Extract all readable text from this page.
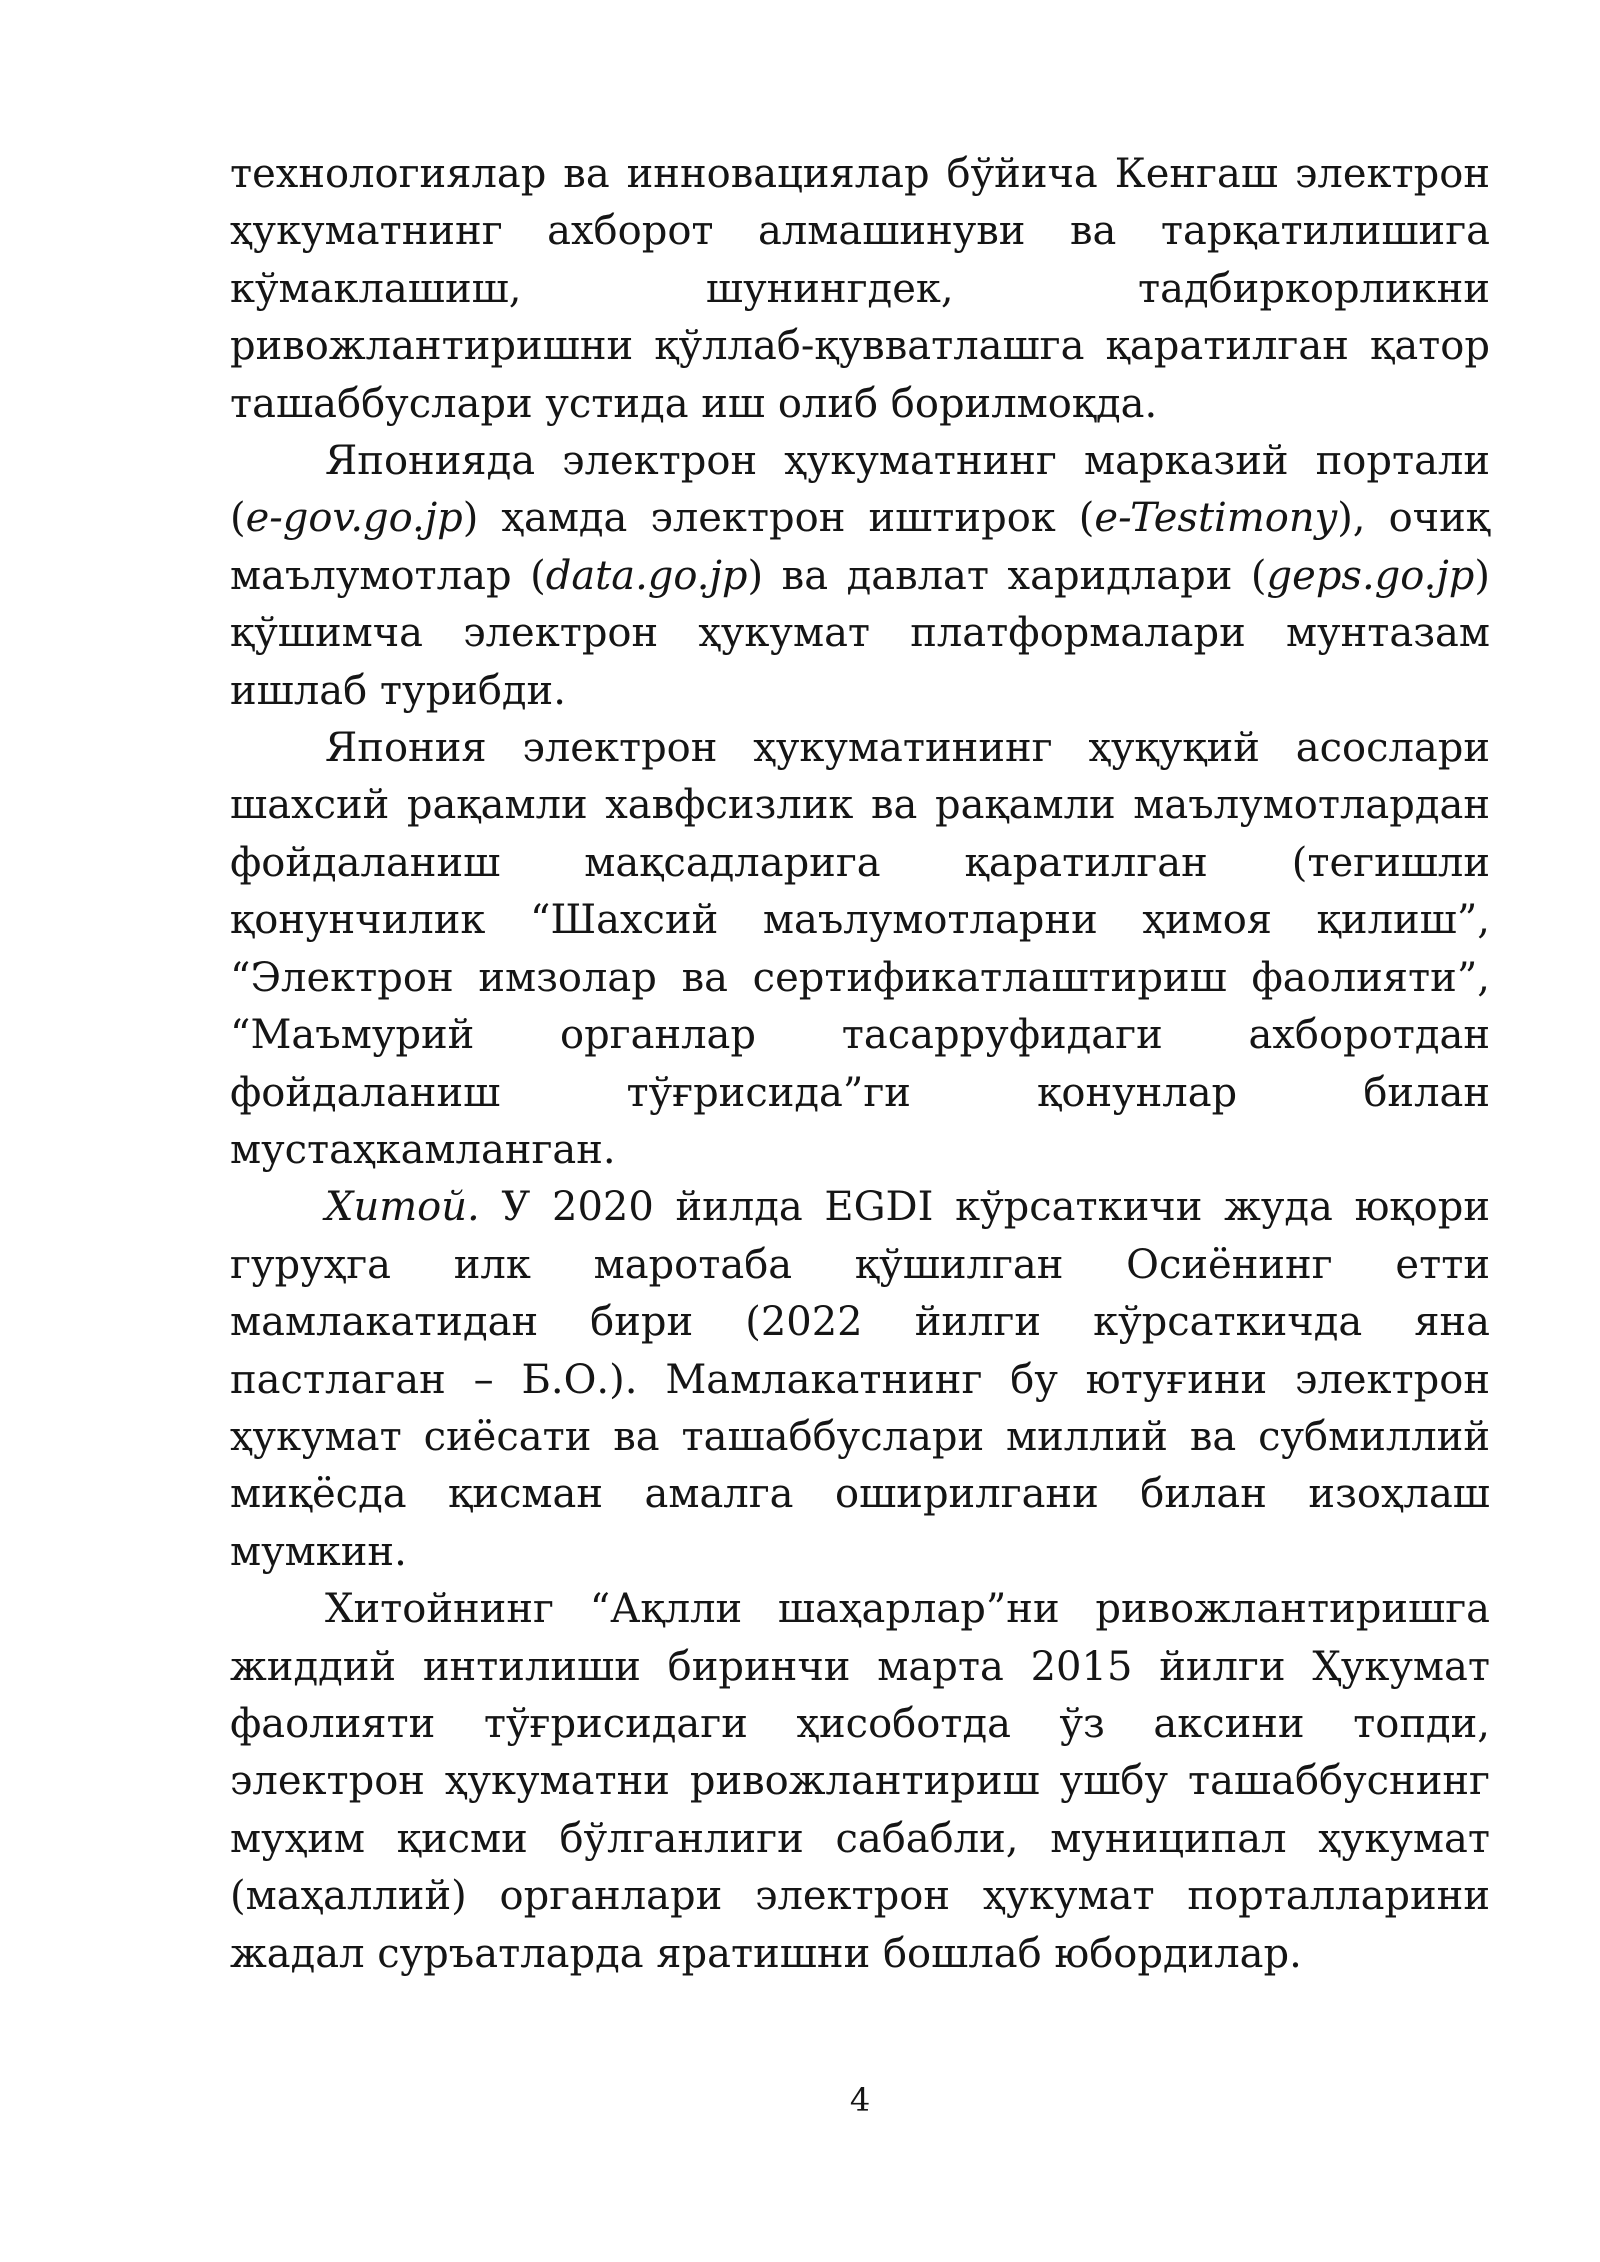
технологиялар ва инновациялар бўйича Кенгаш электрон ҳукуматнинг ахборот алмашинуви ва тарқатилишига кўмаклашиш, шунингдек, тадбиркорликни ривожлантиришни қўллаб-қувватлашга қаратилган қатор ташаббуслари устида иш олиб борилмоқда.

Японияда электрон ҳукуматнинг марказий портали (e-gov.go.jp) ҳамда электрон иштирок (e-Testimony), очиқ маълумотлар (data.go.jp) ва давлат харидлари (geps.go.jp) қўшимча электрон ҳукумат платформалари мунтазам ишлаб турибди.

Япония электрон ҳукуматининг ҳуқуқий асослари шахсий рақамли хавфсизлик ва рақамли маълумотлардан фойдаланиш мақсадларига қаратилган (тегишли қонунчилик “Шахсий маълумотларни ҳимоя қилиш”, “Электрон имзолар ва сертификатлаштириш фаолияти”, “Маъмурий органлар тасарруфидаги ахборотдан фойдаланиш тўғрисида”ги қонунлар билан мустаҳкамланган.

Хитой. У 2020 йилда EGDI кўрсаткичи жуда юқори гуруҳга илк маротаба қўшилган Осиёнинг етти мамлакатидан бири (2022 йилги кўрсаткичда яна пастлаган – Б.О.). Мамлакатнинг бу ютуғини электрон ҳукумат сиёсати ва ташаббуслари миллий ва субмиллий миқёсда қисман амалга оширилгани билан изоҳлаш мумкин.

Хитойнинг “Ақлли шаҳарлар”ни ривожлантиришга жиддий интилиши биринчи марта 2015 йилги Ҳукумат фаолияти тўғрисидаги ҳисоботда ўз аксини топди, электрон ҳукуматни ривожлантириш ушбу ташаббуснинг муҳим қисми бўлганлиги сабабли, муниципал ҳукумат (маҳаллий) органлари электрон ҳукумат порталларини жадал суръатларда яратишни бошлаб юбордилар.

4
